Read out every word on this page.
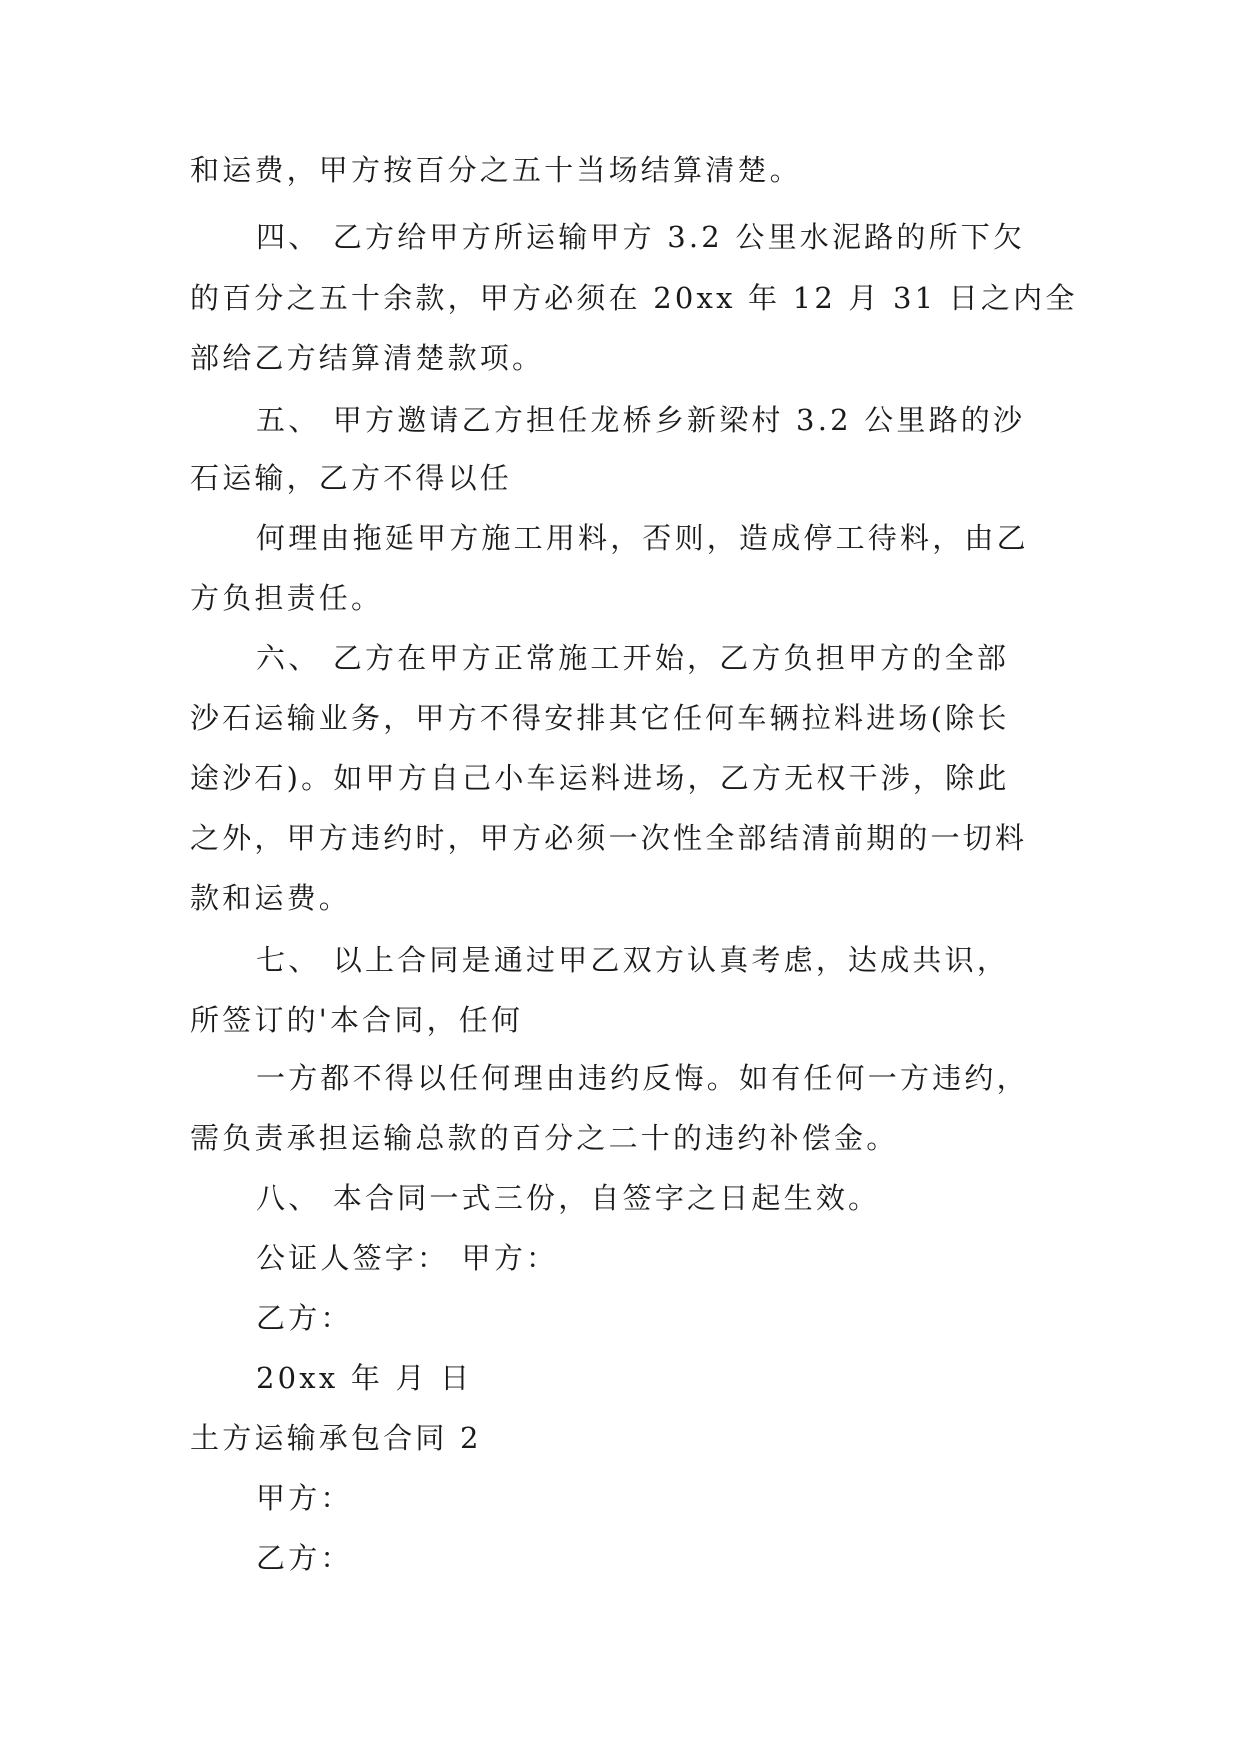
和运费，甲方按百分之五十当场结算清楚。
四、 乙方给甲方所运输甲方 3.2 公里水泥路的所下欠
的百分之五十余款，甲方必须在 20xx 年 12 月 31 日之内全
部给乙方结算清楚款项。
五、 甲方邀请乙方担任龙桥乡新梁村 3.2 公里路的沙
石运输，乙方不得以任
何理由拖延甲方施工用料，否则，造成停工待料，由乙
方负担责任。
六、 乙方在甲方正常施工开始，乙方负担甲方的全部
沙石运输业务，甲方不得安排其它任何车辆拉料进场(除长
途沙石)。如甲方自己小车运料进场，乙方无权干涉，除此
之外，甲方违约时，甲方必须一次性全部结清前期的一切料
款和运费。
七、 以上合同是通过甲乙双方认真考虑，达成共识，
所签订的'本合同，任何
一方都不得以任何理由违约反悔。如有任何一方违约，
需负责承担运输总款的百分之二十的违约补偿金。
八、 本合同一式三份，自签字之日起生效。
公证人签字： 甲方：
乙方：
20xx 年 月 日
土方运输承包合同 2
甲方：
乙方：
